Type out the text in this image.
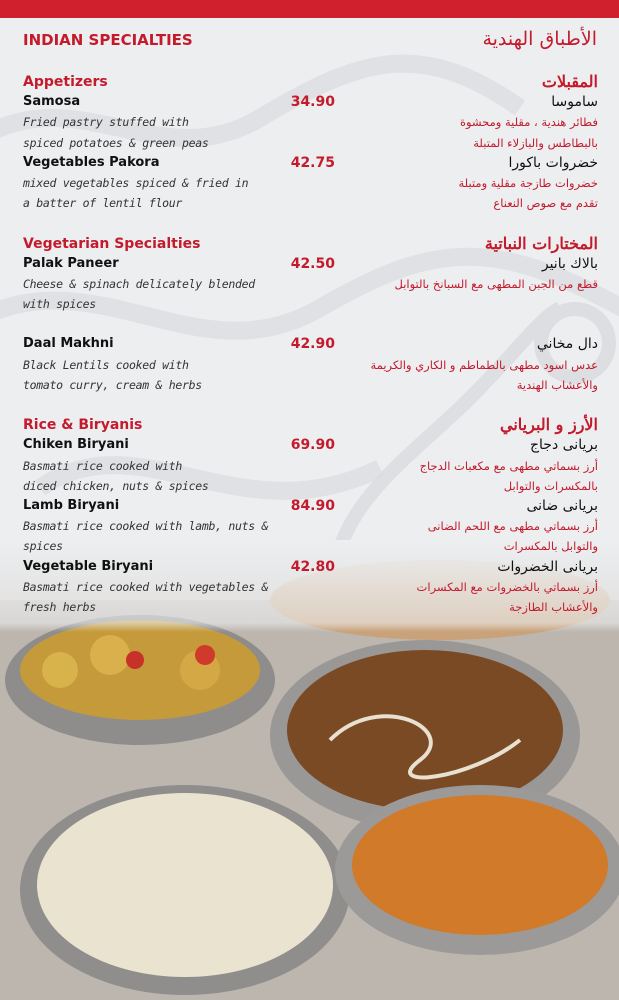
INDIAN SPECIALTIES	الأطباق الهندية
Appetizers
Samosa	34.90
Fried pastry stuffed with
spiced potatoes & green peas
Vegetables Pakora	42.75
mixed vegetables spiced & fried in
a batter of lentil flour
Vegetarian Specialties
Palak Paneer	42.50
Cheese & spinach delicately blended
with spices
Daal Makhni	42.90
Black Lentils cooked with
tomato curry, cream & herbs
Rice & Biryanis
Chiken Biryani	69.90
Basmati rice cooked with
diced chicken, nuts & spices
Lamb Biryani	84.90
Basmati rice cooked with lamb, nuts &
spices
Vegetable Biryani	42.80
Basmati rice cooked with vegetables &
fresh herbs
المقبلات
ساموسا
فطائر هندية ، مقلية ومحشوة
بالبطاطس والبازلاء المتبلة
خضروات باكورا
خضروات طازجة مقلية ومتبلة
تقدم مع صوص النعناع
المختارات النباتية
بالاك بانير
قطع من الجبن المطهى مع السبانخ بالتوابل
دال مخاني
عدس اسود مطهى بالطماطم و الكاري والكريمة
والأعشاب الهندية
الأرز و البرياني
بريانى دجاج
أرز بسماتي مطهى مع مكعبات الدجاج
بالمكسرات والتوابل
بريانى ضانى
أرز بسماتي مطهى مع اللحم الضانى
والتوابل بالمكسرات
بريانى الخضروات
أرز بسماتي بالخضروات مع المكسرات
والأعشاب الطازجة
